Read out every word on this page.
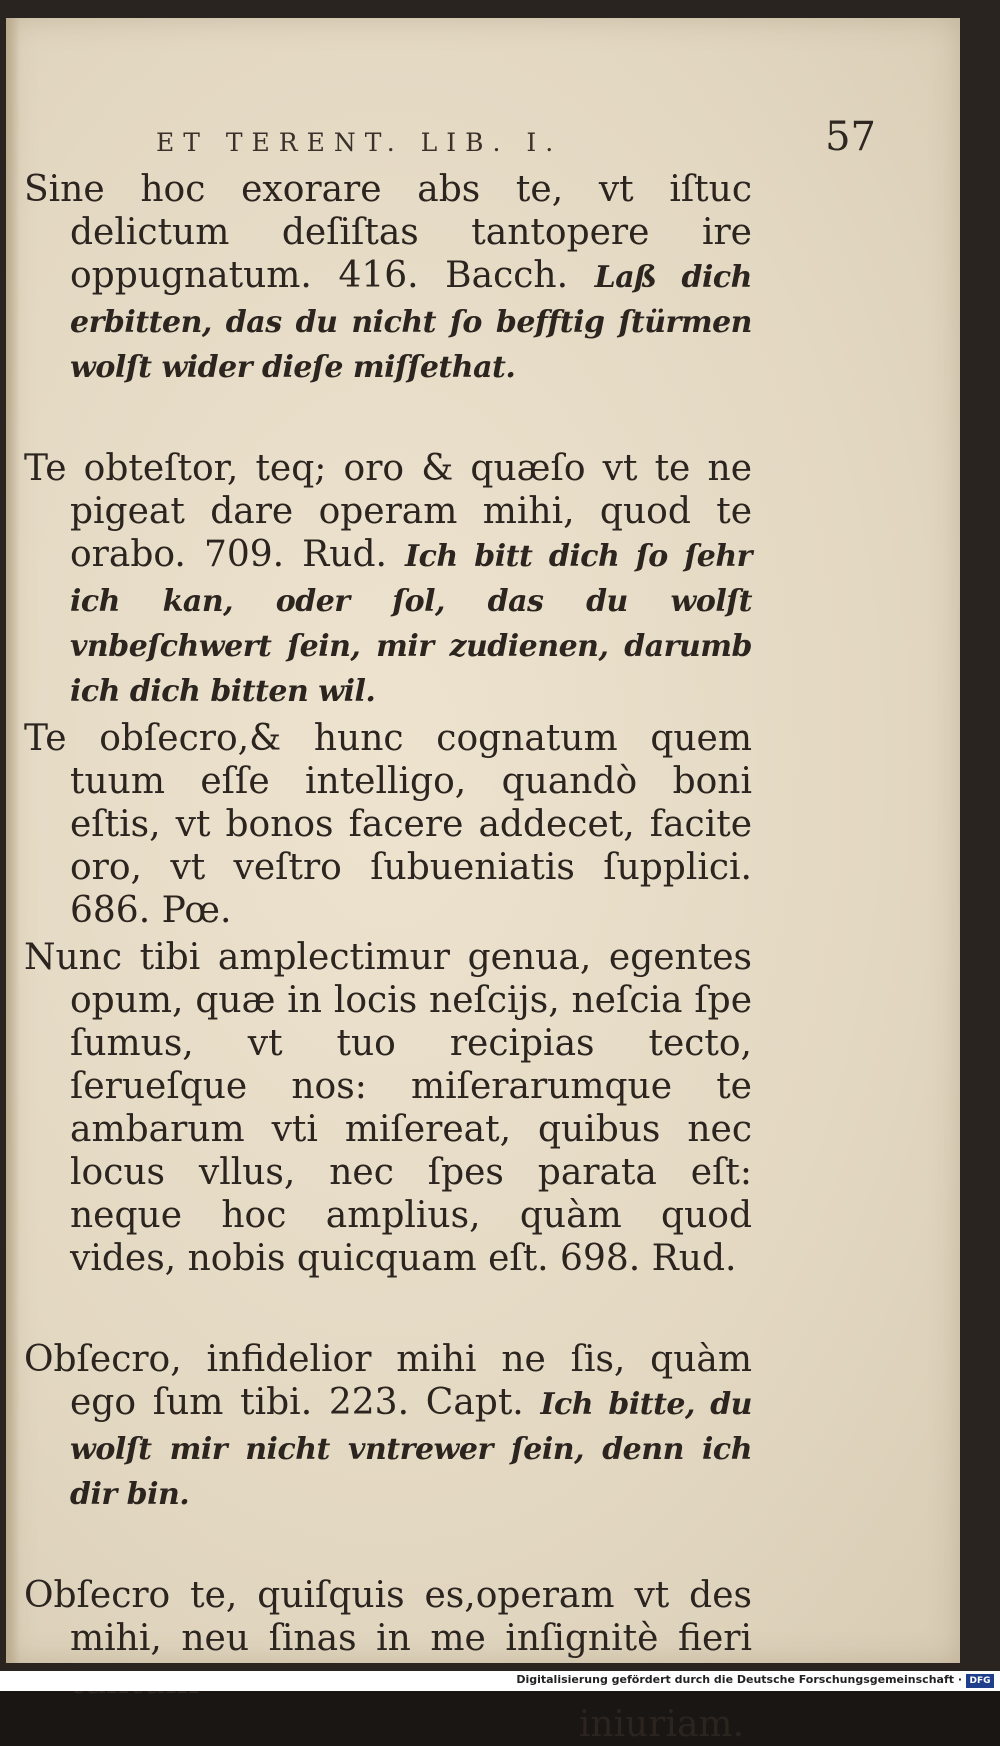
ET TERENT. LIB. I.	57

Sine hoc exorare abs te, vt iſtuc delictum deſiſtas tantopere ire oppugnatum. 416. Bacch. Laß dich erbitten, das du nicht ſo befftig ſtürmen wolſt wider dieſe miſſethat.

Te obteſtor, teq; oro & quæſo vt te ne pigeat dare operam mihi, quod te orabo. 709. Rud. Ich bitt dich ſo ſehr ich kan, oder ſol, das du wolſt vnbeſchwert ſein, mir zudienen, darumb ich dich bitten wil.

Te obſecro,& hunc cognatum quem tuum eſſe intelligo, quandò boni eſtis, vt bonos facere addecet, facite oro, vt veſtro ſubueniatis ſupplici. 686. Pœ.

Nunc tibi amplectimur genua, egentes opum, quæ in locis neſcijs, neſcia ſpe ſumus, vt tuo recipias tecto, ſerueſque nos: miſerarumque te ambarum vti miſereat, quibus nec locus vllus, nec ſpes parata eſt: neque hoc amplius, quàm quod vides, nobis quicquam eſt. 698. Rud.

Obſecro, infidelior mihi ne ſis, quàm ego ſum tibi. 223. Capt. Ich bitte, du wolſt mir nicht vntrewer ſein, denn ich dir bin.

Obſecro te, quiſquis es,operam vt des mihi, neu ſinas in me inſignitè fieri

iniuriam.

Digitalisierung gefördert durch die Deutsche Forschungsgemeinschaft · DFG
